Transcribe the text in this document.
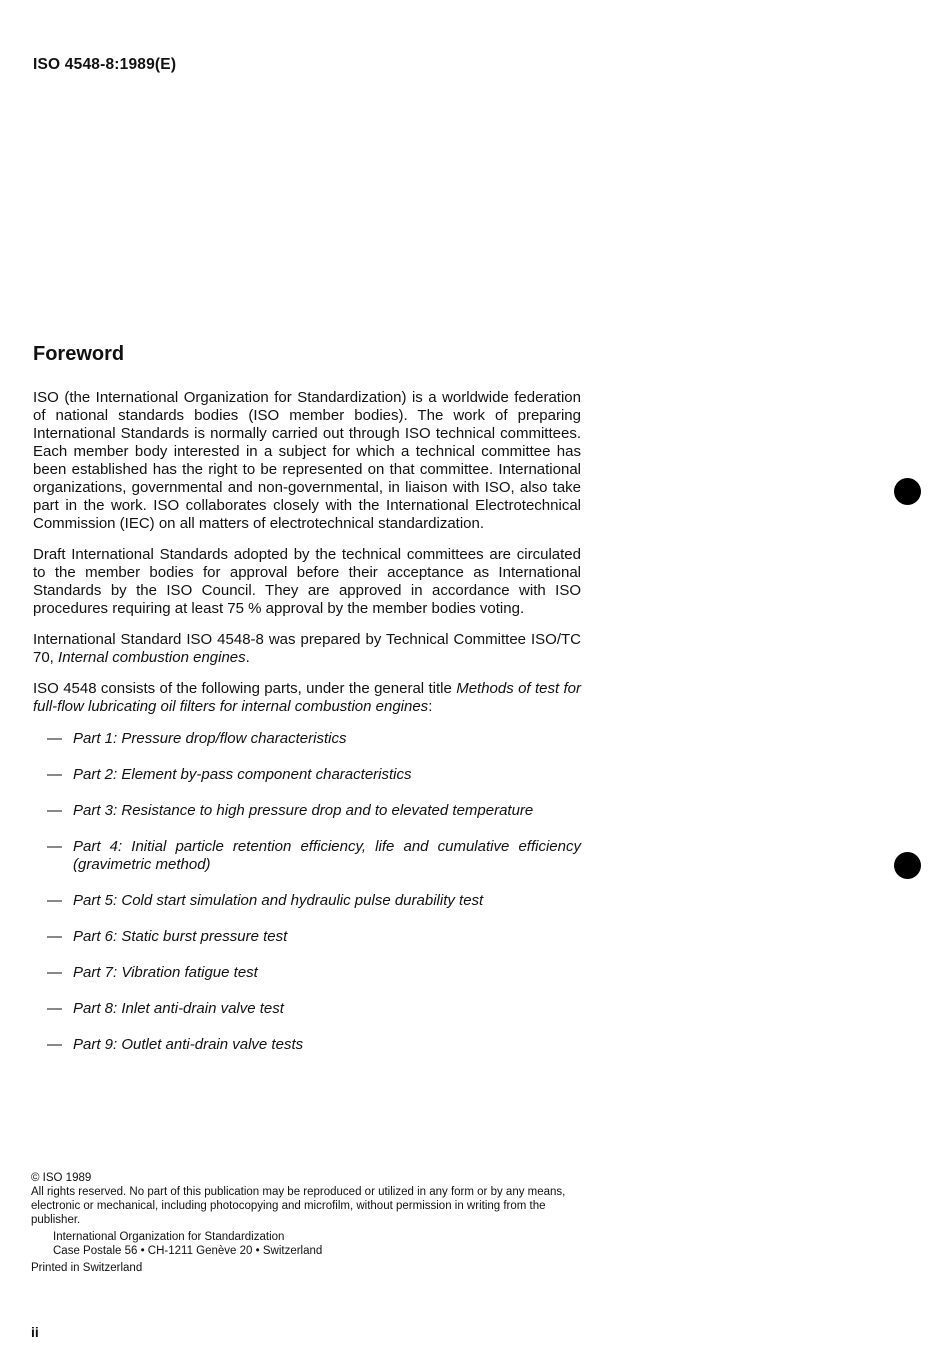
ISO 4548-8:1989(E)
Foreword

ISO (the International Organization for Standardization) is a worldwide federation of national standards bodies (ISO member bodies). The work of preparing International Standards is normally carried out through ISO technical committees. Each member body interested in a subject for which a technical committee has been established has the right to be represented on that committee. International organizations, governmental and non-governmental, in liaison with ISO, also take part in the work. ISO collaborates closely with the International Electrotechnical Commission (IEC) on all matters of electrotechnical standardization.

Draft International Standards adopted by the technical committees are circulated to the member bodies for approval before their acceptance as International Standards by the ISO Council. They are approved in accordance with ISO procedures requiring at least 75 % approval by the member bodies voting.

International Standard ISO 4548-8 was prepared by Technical Committee ISO/TC 70, Internal combustion engines.

ISO 4548 consists of the following parts, under the general title Methods of test for full-flow lubricating oil filters for internal combustion engines:

— Part 1: Pressure drop/flow characteristics
— Part 2: Element by-pass component characteristics
— Part 3: Resistance to high pressure drop and to elevated temperature
— Part 4: Initial particle retention efficiency, life and cumulative efficiency (gravimetric method)
— Part 5: Cold start simulation and hydraulic pulse durability test
— Part 6: Static burst pressure test
— Part 7: Vibration fatigue test
— Part 8: Inlet anti-drain valve test
— Part 9: Outlet anti-drain valve tests

© ISO 1989

All rights reserved. No part of this publication may be reproduced or utilized in any form or by any means, electronic or mechanical, including photocopying and microfilm, without permission in writing from the publisher.

International Organization for Standardization

Case Postale 56 • CH-1211 Genève 20 • Switzerland

Printed in Switzerland

ii
